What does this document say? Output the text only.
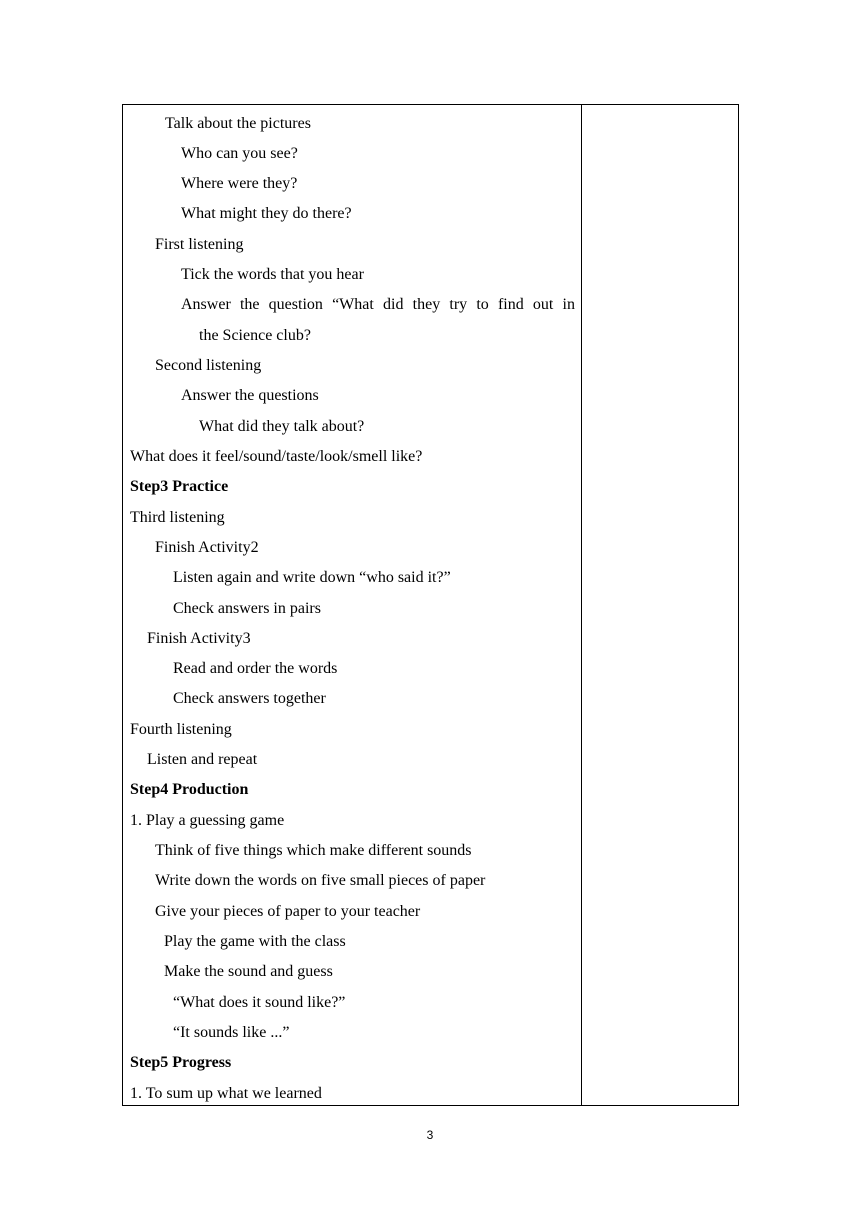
Talk about the pictures
Who can you see?
Where were they?
What might they do there?
First listening
Tick the words that you hear
Answer the question “What did they try to find out in
the Science club?
Second listening
Answer the questions
What did they talk about?
What does it feel/sound/taste/look/smell like?
Step3 Practice
Third listening
Finish Activity2
Listen again and write down “who said it?”
Check answers in pairs
Finish Activity3
Read and order the words
Check answers together
Fourth listening
Listen and repeat
Step4 Production
1. Play a guessing game
Think of five things which make different sounds
Write down the words on five small pieces of paper
Give your pieces of paper to your teacher
Play the game with the class
Make the sound and guess
“What does it sound like?”
“It sounds like ...”
Step5 Progress
1. To sum up what we learned
3
